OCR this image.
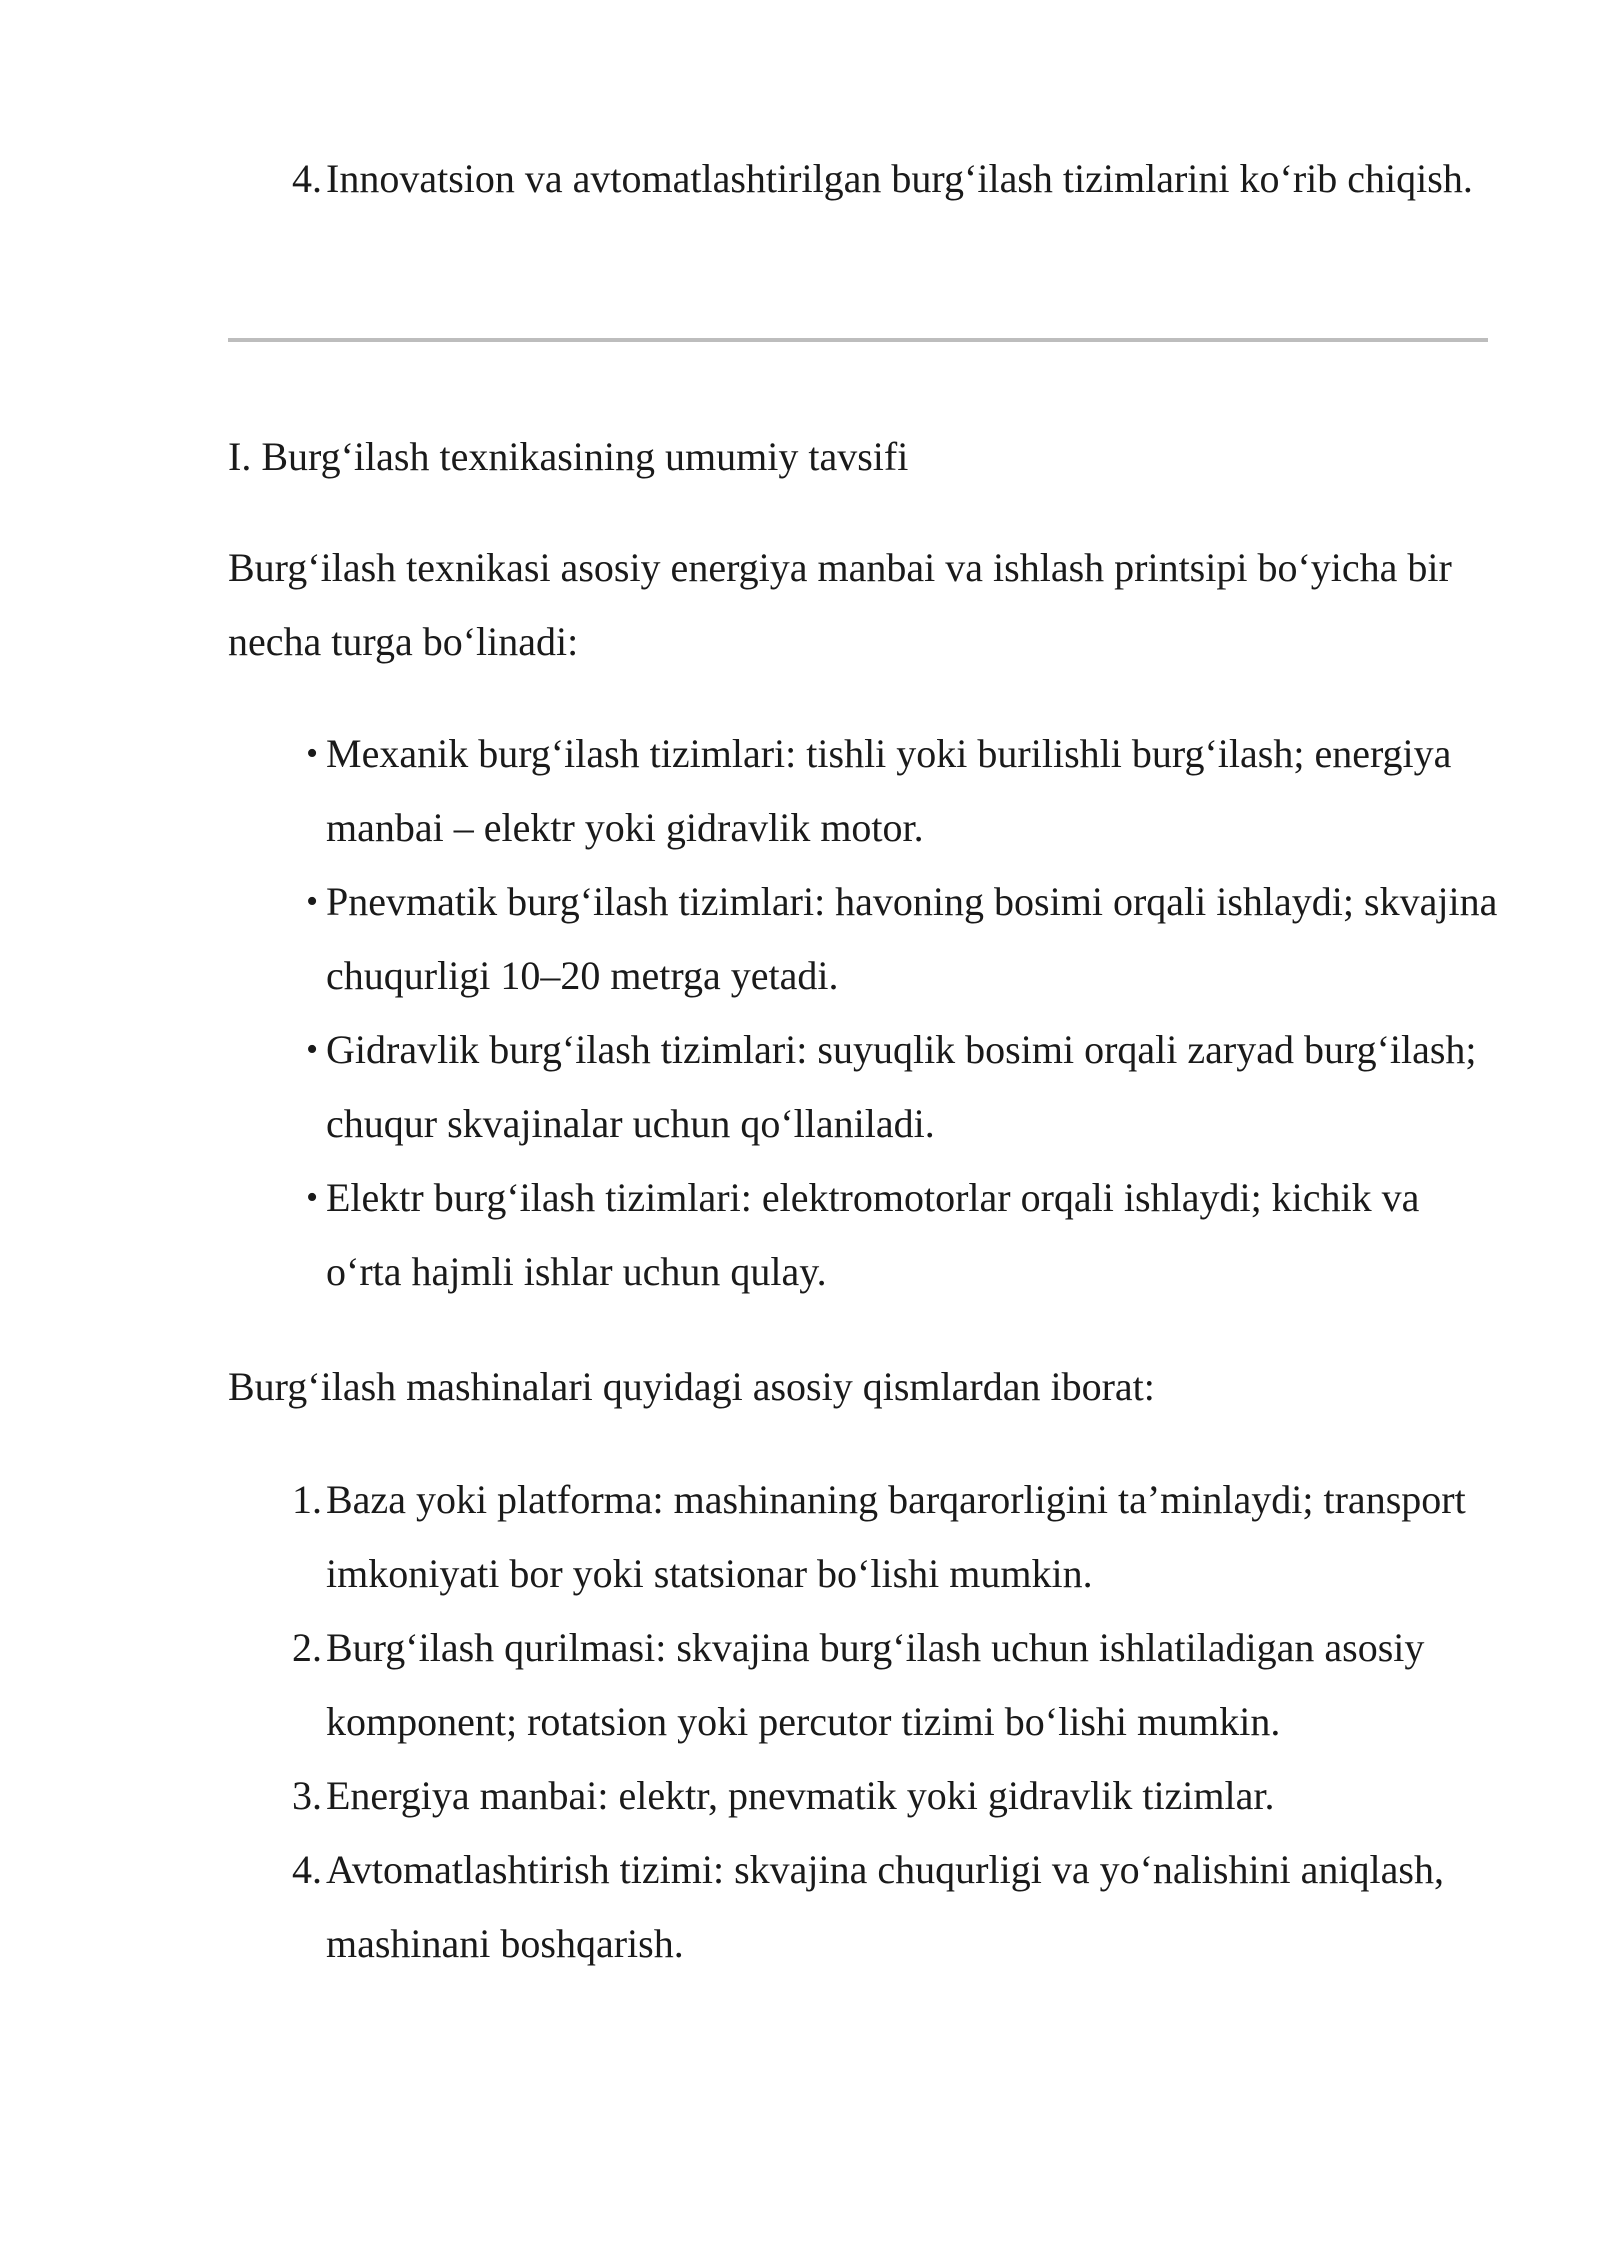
4. Innovatsion va avtomatlashtirilgan burg‘ilash tizimlarini ko‘rib chiqish.

I. Burg‘ilash texnikasining umumiy tavsifi

Burg‘ilash texnikasi asosiy energiya manbai va ishlash printsipi bo‘yicha bir necha turga bo‘linadi:

• Mexanik burg‘ilash tizimlari: tishli yoki burilishli burg‘ilash; energiya manbai – elektr yoki gidravlik motor.
• Pnevmatik burg‘ilash tizimlari: havoning bosimi orqali ishlaydi; skvajina chuqurligi 10–20 metrga yetadi.
• Gidravlik burg‘ilash tizimlari: suyuqlik bosimi orqali zaryad burg‘ilash; chuqur skvajinalar uchun qo‘llaniladi.
• Elektr burg‘ilash tizimlari: elektromotorlar orqali ishlaydi; kichik va o‘rta hajmli ishlar uchun qulay.

Burg‘ilash mashinalari quyidagi asosiy qismlardan iborat:

1. Baza yoki platforma: mashinaning barqarorligini ta’minlaydi; transport imkoniyati bor yoki statsionar bo‘lishi mumkin.
2. Burg‘ilash qurilmasi: skvajina burg‘ilash uchun ishlatiladigan asosiy komponent; rotatsion yoki percutor tizimi bo‘lishi mumkin.
3. Energiya manbai: elektr, pnevmatik yoki gidravlik tizimlar.
4. Avtomatlashtirish tizimi: skvajina chuqurligi va yo‘nalishini aniqlash, mashinani boshqarish.
